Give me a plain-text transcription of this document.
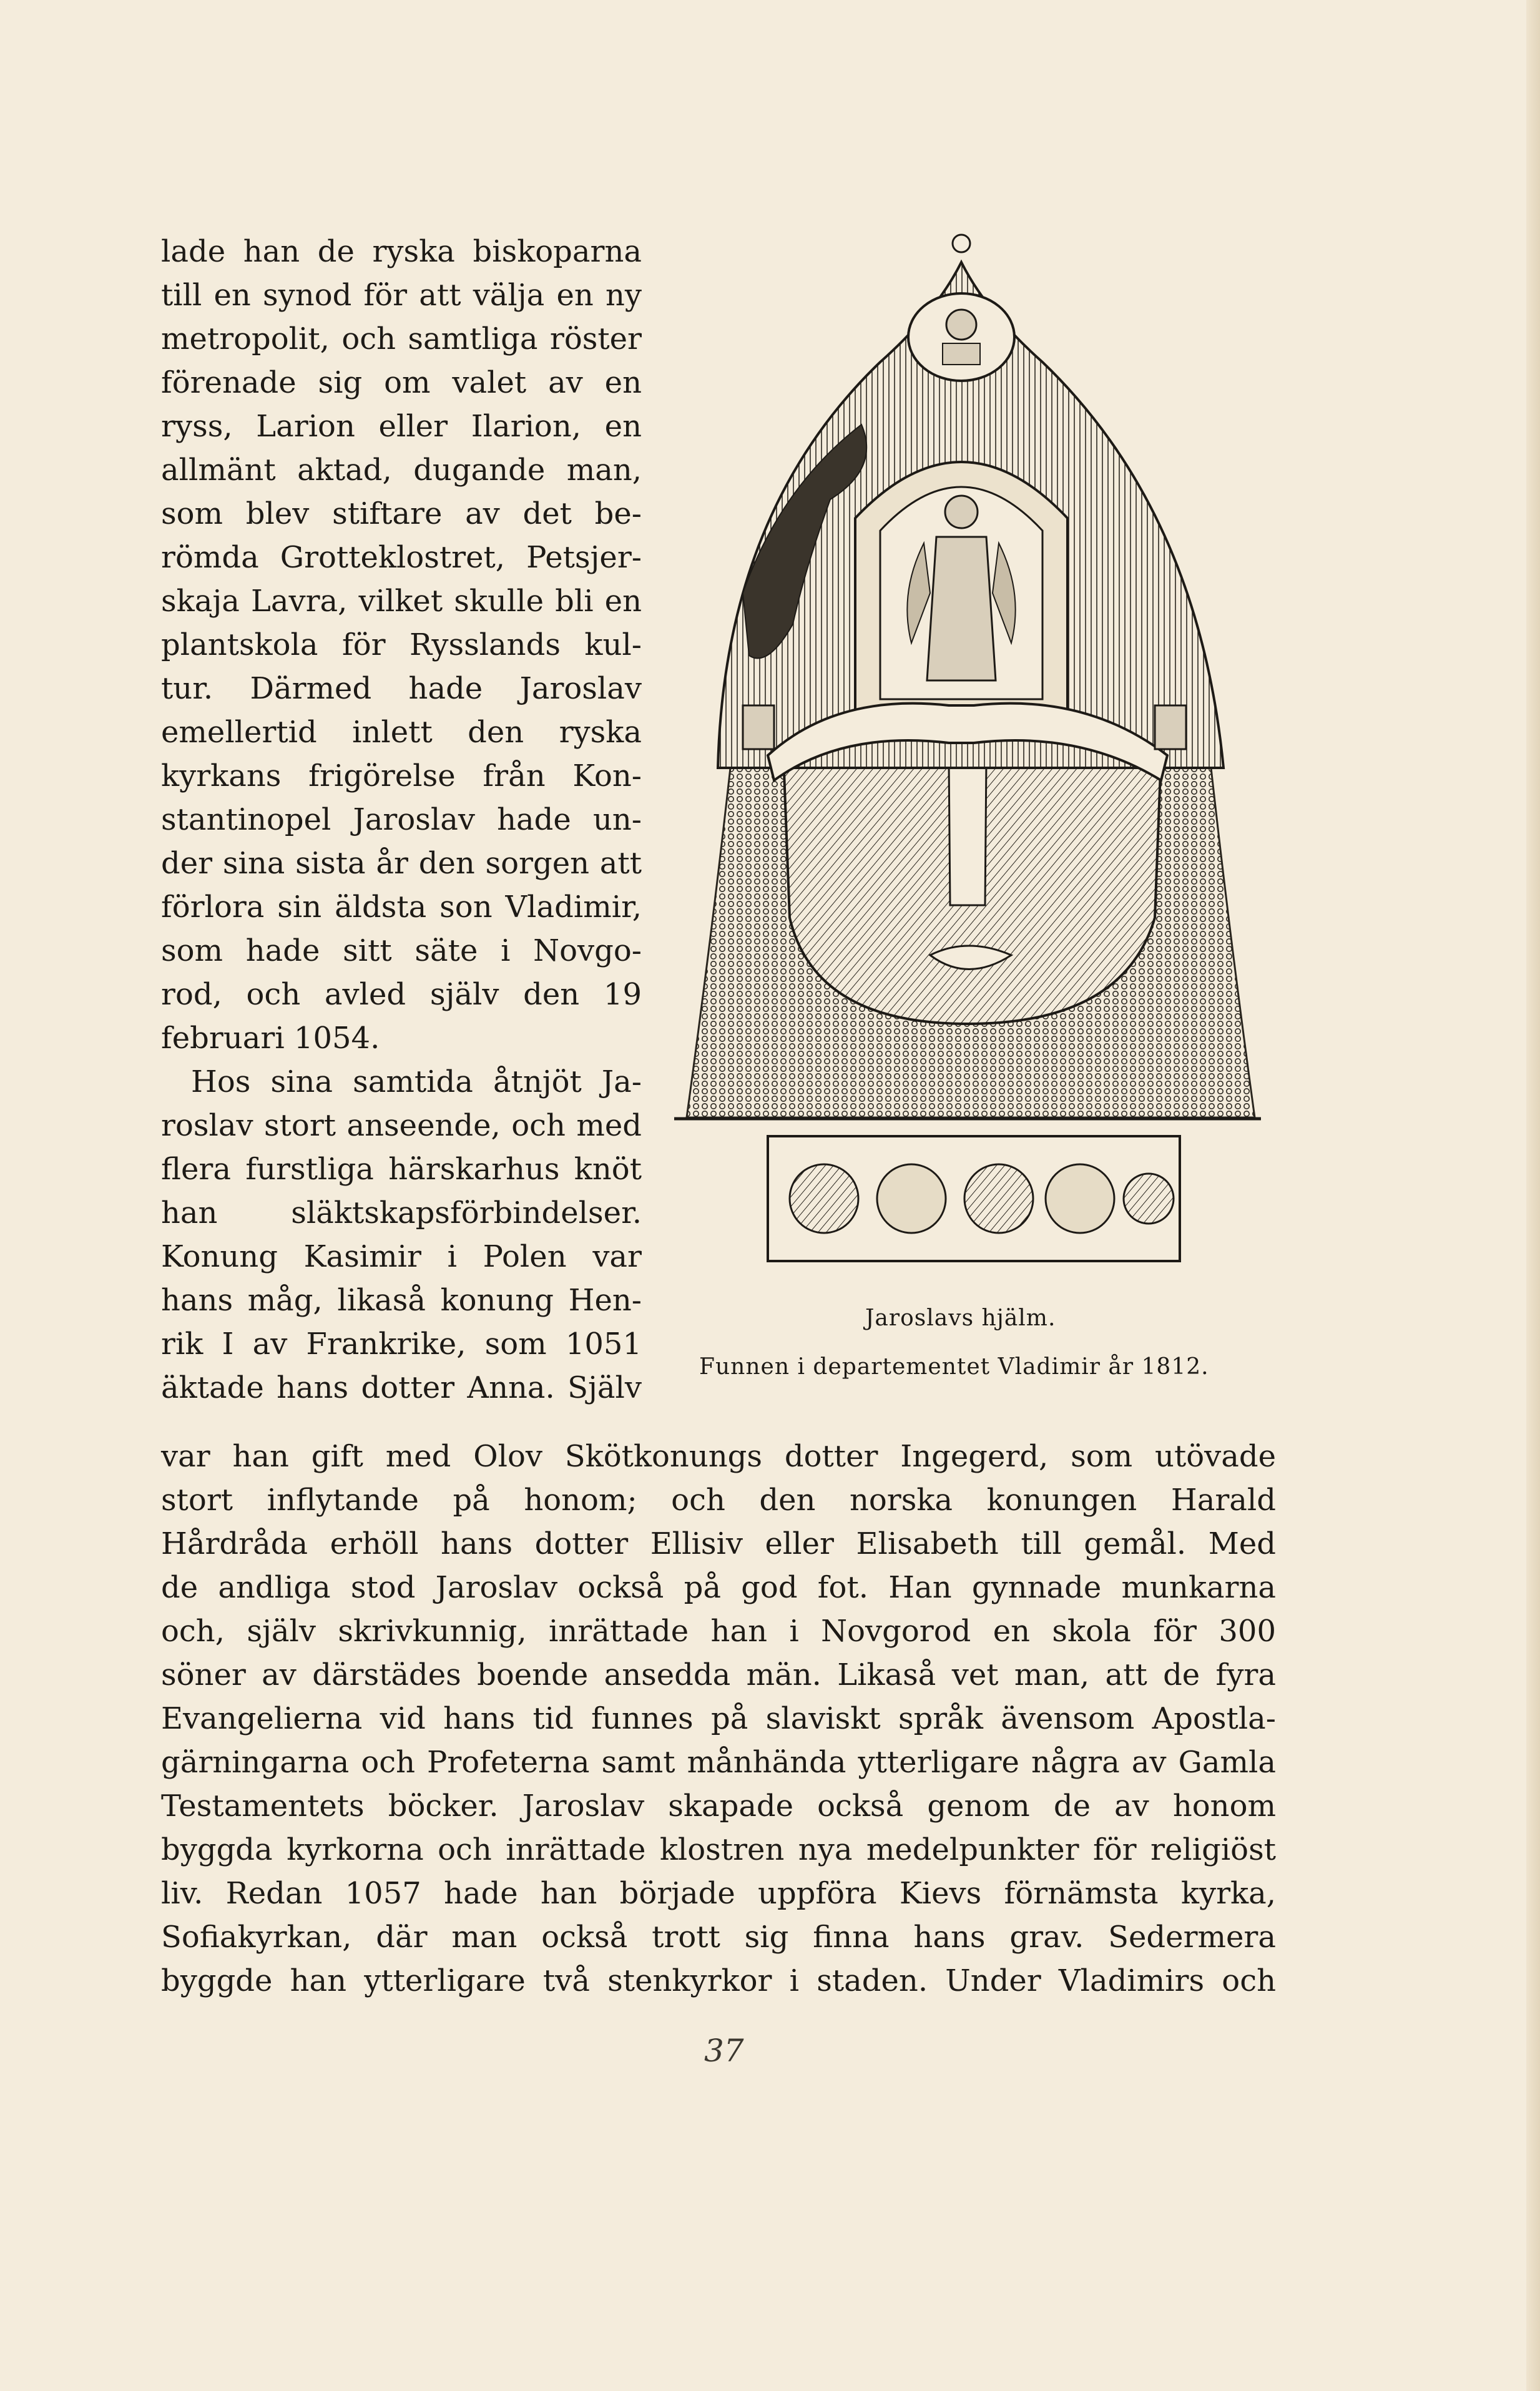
lade han de ryska biskoparna
till en synod för att välja en ny
metropolit, och samtliga röster
förenade sig om valet av en
ryss, Larion eller Ilarion, en
allmänt aktad, dugande man,
som blev stiftare av det be-
römda Grotteklostret, Petsjer-
skaja Lavra, vilket skulle bli en
plantskola för Rysslands kul-
tur. Därmed hade Jaroslav
emellertid inlett den ryska
kyrkans frigörelse från Kon-
stantinopel Jaroslav hade un-
der sina sista år den sorgen att
förlora sin äldsta son Vladimir,
som hade sitt säte i Novgo-
rod, och avled själv den 19
februari 1054.
Hos sina samtida åtnjöt Ja-
roslav stort anseende, och med
flera furstliga härskarhus knöt
han släktskapsförbindelser.
Konung Kasimir i Polen var
hans måg, likaså konung Hen-
rik I av Frankrike, som 1051
äktade hans dotter Anna. Själv
Jaroslavs hjälm.
Funnen i departementet Vladimir år 1812.
var han gift med Olov Skötkonungs dotter Ingegerd, som utövade
stort inflytande på honom; och den norska konungen Harald
Hårdråda erhöll hans dotter Ellisiv eller Elisabeth till gemål. Med
de andliga stod Jaroslav också på god fot. Han gynnade munkarna
och, själv skrivkunnig, inrättade han i Novgorod en skola för 300
söner av därstädes boende ansedda män. Likaså vet man, att de fyra
Evangelierna vid hans tid funnes på slaviskt språk ävensom Apostla-
gärningarna och Profeterna samt månhända ytterligare några av Gamla
Testamentets böcker. Jaroslav skapade också genom de av honom
byggda kyrkorna och inrättade klostren nya medelpunkter för religiöst
liv. Redan 1057 hade han började uppföra Kievs förnämsta kyrka,
Sofiakyrkan, där man också trott sig finna hans grav. Sedermera
byggde han ytterligare två stenkyrkor i staden. Under Vladimirs och
37
